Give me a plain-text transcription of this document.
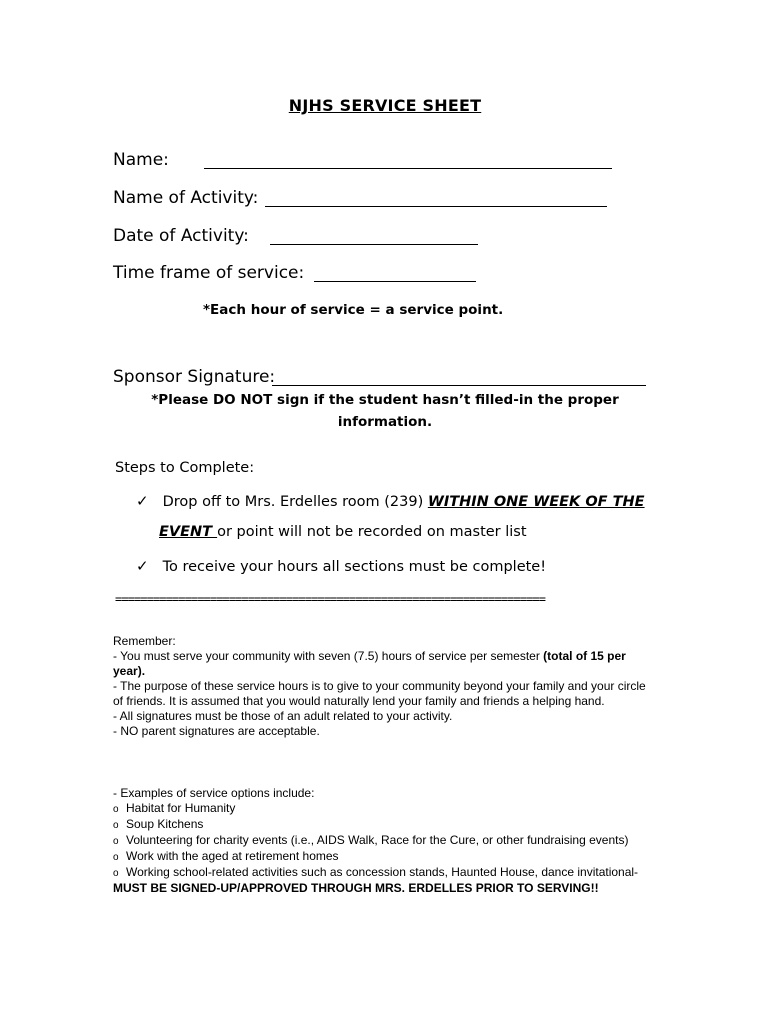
NJHS SERVICE SHEET
Name:
Name of Activity:
Date of Activity:
Time frame of service:
*Each hour of service = a service point.
Sponsor Signature:
*Please DO NOT sign if the student hasn’t filled-in the proper
information.
Steps to Complete:
✓ Drop off to Mrs. Erdelles room (239) WITHIN ONE WEEK OF THE
EVENT or point will not be recorded on master list
✓ To receive your hours all sections must be complete!
====================================================================
Remember:
- You must serve your community with seven (7.5) hours of service per semester (total of 15 per year).
- The purpose of these service hours is to give to your community beyond your family and your circle of friends. It is assumed that you would naturally lend your family and friends a helping hand.
- All signatures must be those of an adult related to your activity.
- NO parent signatures are acceptable.
- Examples of service options include:
o Habitat for Humanity
o Soup Kitchens
o Volunteering for charity events (i.e., AIDS Walk, Race for the Cure, or other fundraising events)
o Work with the aged at retirement homes
o Working school-related activities such as concession stands, Haunted House, dance invitational- MUST BE SIGNED-UP/APPROVED THROUGH MRS. ERDELLES PRIOR TO SERVING!!
